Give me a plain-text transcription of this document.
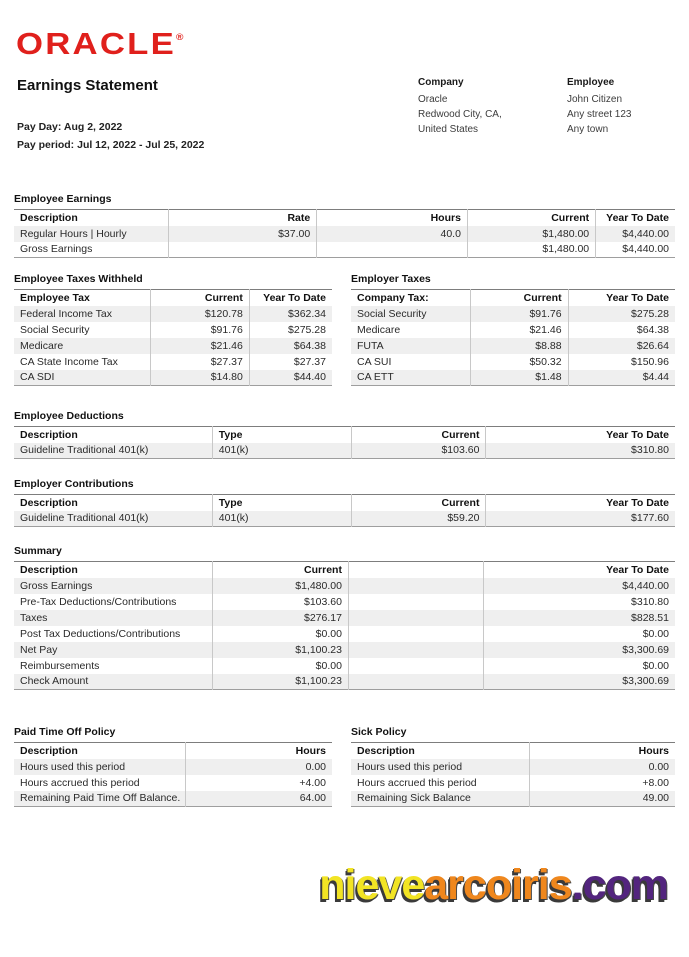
ORACLE®
Earnings Statement
Pay Day: Aug 2, 2022
Pay period: Jul 12, 2022 - Jul 25, 2022
Company
Oracle
Redwood City, CA,
United States
Employee
John Citizen
Any street 123
Any town
Employee Earnings
Description	Rate	Hours	Current	Year To Date
Regular Hours | Hourly	$37.00	40.0	$1,480.00	$4,440.00
Gross Earnings			$1,480.00	$4,440.00
Employee Taxes Withheld
Employee Tax	Current	Year To Date
Federal Income Tax	$120.78	$362.34
Social Security	$91.76	$275.28
Medicare	$21.46	$64.38
CA State Income Tax	$27.37	$27.37
CA SDI	$14.80	$44.40
Employer Taxes
Company Tax:	Current	Year To Date
Social Security	$91.76	$275.28
Medicare	$21.46	$64.38
FUTA	$8.88	$26.64
CA SUI	$50.32	$150.96
CA ETT	$1.48	$4.44
Employee Deductions
Description	Type	Current	Year To Date
Guideline Traditional 401(k)	401(k)	$103.60	$310.80
Employer Contributions
Description	Type	Current	Year To Date
Guideline Traditional 401(k)	401(k)	$59.20	$177.60
Summary
Description	Current		Year To Date
Gross Earnings	$1,480.00		$4,440.00
Pre-Tax Deductions/Contributions	$103.60		$310.80
Taxes	$276.17		$828.51
Post Tax Deductions/Contributions	$0.00		$0.00
Net Pay	$1,100.23		$3,300.69
Reimbursements	$0.00		$0.00
Check Amount	$1,100.23		$3,300.69
Paid Time Off Policy
Description	Hours
Hours used this period	0.00
Hours accrued this period	+4.00
Remaining Paid Time Off Balance.	64.00
Sick Policy
Description	Hours
Hours used this period	0.00
Hours accrued this period	+8.00
Remaining Sick Balance	49.00
nievearcoiris.com
